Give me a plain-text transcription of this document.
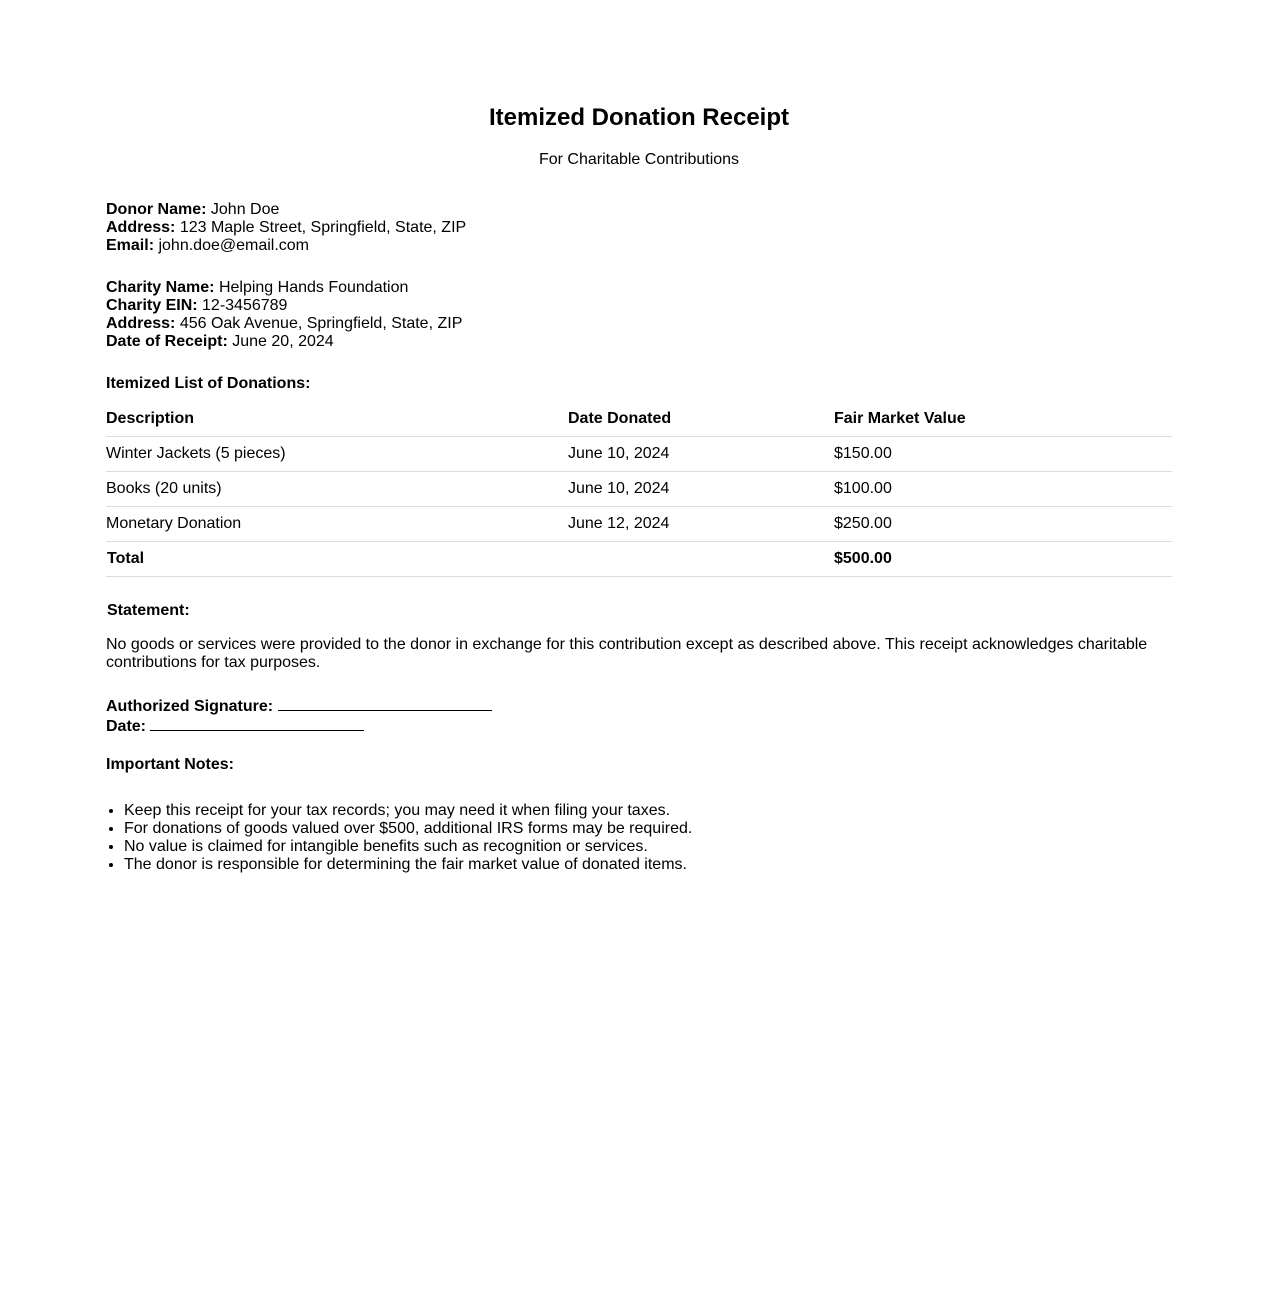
Itemized Donation Receipt

For Charitable Contributions

Donor Name: John Doe
Address: 123 Maple Street, Springfield, State, ZIP
Email: john.doe@email.com
Charity Name: Helping Hands Foundation
Charity EIN: 12-3456789
Address: 456 Oak Avenue, Springfield, State, ZIP
Date of Receipt: June 20, 2024
Itemized List of Donations:
Description	Date Donated	Fair Market Value
Winter Jackets (5 pieces)	June 10, 2024	$150.00
Books (20 units)	June 10, 2024	$100.00
Monetary Donation	June 12, 2024	$250.00
Total		$500.00
Statement:

No goods or services were provided to the donor in exchange for this contribution except as described above. This receipt acknowledges charitable contributions for tax purposes.

Authorized Signature:
Date:
Important Notes:
• Keep this receipt for your tax records; you may need it when filing your taxes.
• For donations of goods valued over $500, additional IRS forms may be required.
• No value is claimed for intangible benefits such as recognition or services.
• The donor is responsible for determining the fair market value of donated items.
